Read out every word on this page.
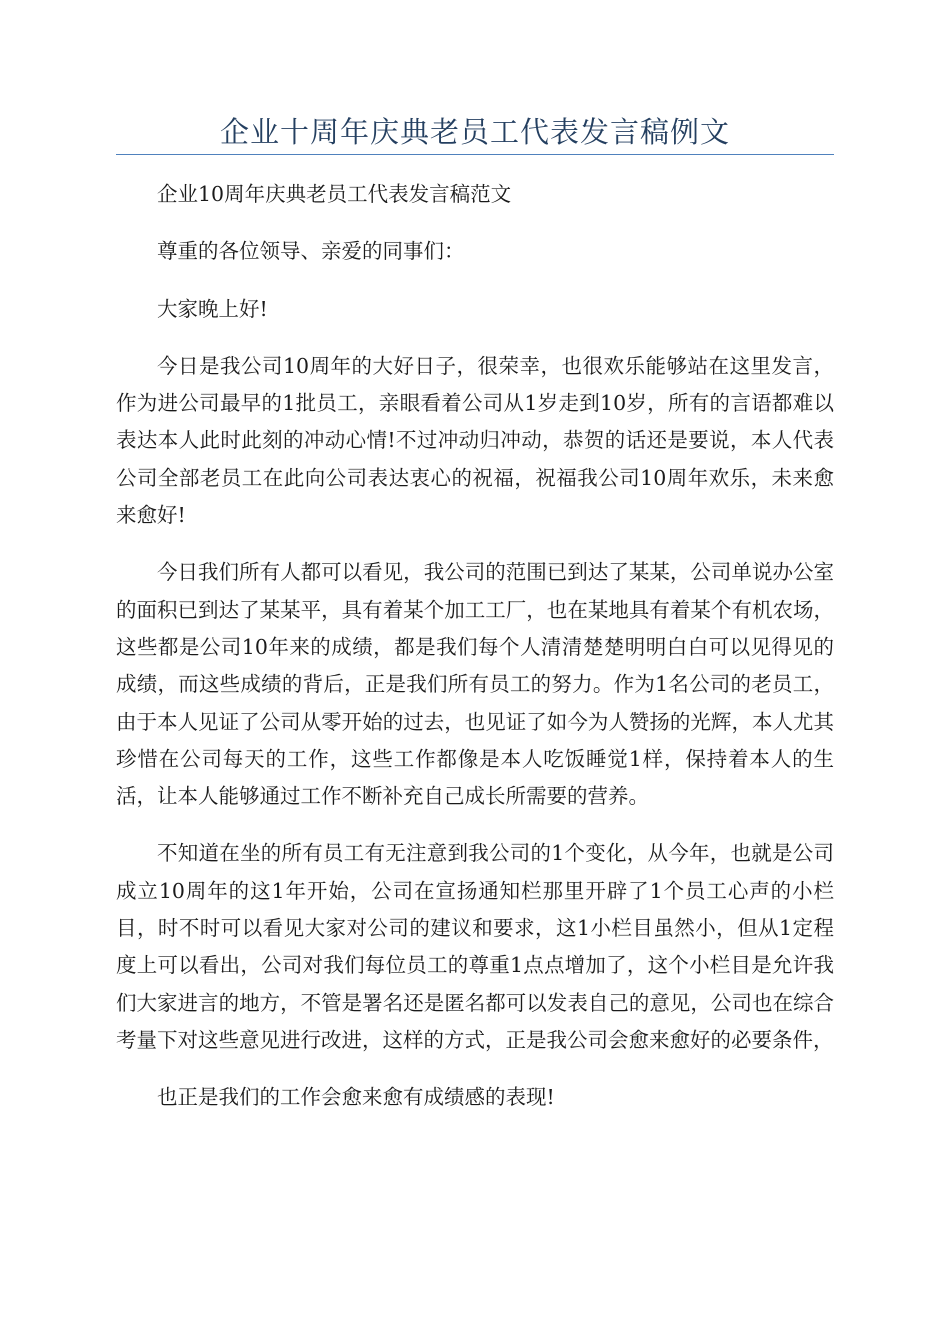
企业十周年庆典老员工代表发言稿例文

企业10周年庆典老员工代表发言稿范文

尊重的各位领导、亲爱的同事们：

大家晚上好!

今日是我公司10周年的大好日子，很荣幸，也很欢乐能够站在这里发言，作为进公司最早的1批员工，亲眼看着公司从1岁走到10岁，所有的言语都难以表达本人此时此刻的冲动心情!不过冲动归冲动，恭贺的话还是要说，本人代表公司全部老员工在此向公司表达衷心的祝福，祝福我公司10周年欢乐，未来愈来愈好!

今日我们所有人都可以看见，我公司的范围已到达了某某，公司单说办公室的面积已到达了某某平，具有着某个加工工厂，也在某地具有着某个有机农场，这些都是公司10年来的成绩，都是我们每个人清清楚楚明明白白可以见得见的成绩，而这些成绩的背后，正是我们所有员工的努力。作为1名公司的老员工，由于本人见证了公司从零开始的过去，也见证了如今为人赞扬的光辉，本人尤其珍惜在公司每天的工作，这些工作都像是本人吃饭睡觉1样，保持着本人的生活，让本人能够通过工作不断补充自己成长所需要的营养。

不知道在坐的所有员工有无注意到我公司的1个变化，从今年，也就是公司成立10周年的这1年开始，公司在宣扬通知栏那里开辟了1个员工心声的小栏目，时不时可以看见大家对公司的建议和要求，这1小栏目虽然小，但从1定程度上可以看出，公司对我们每位员工的尊重1点点增加了，这个小栏目是允许我们大家进言的地方，不管是署名还是匿名都可以发表自己的意见，公司也在综合考量下对这些意见进行改进，这样的方式，正是我公司会愈来愈好的必要条件，

也正是我们的工作会愈来愈有成绩感的表现!
